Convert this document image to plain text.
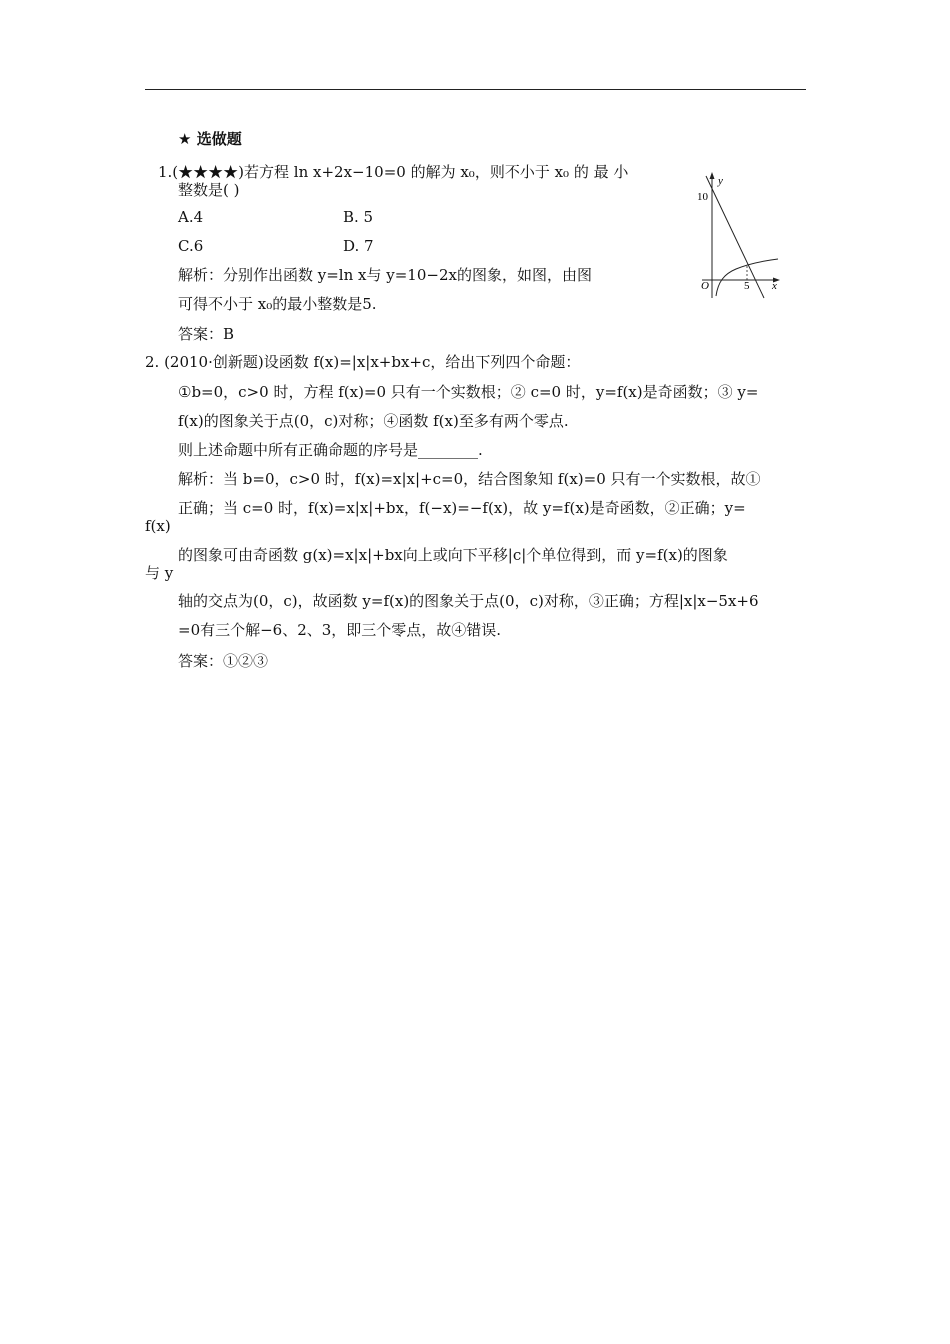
★ 选做题
1.(★★★★)若方程 ln x+2x−10=0 的解为 x₀，则不小于 x₀ 的 最 小
整数是( )
A.4	B. 5
C.6	D. 7
解析：分别作出函数 y=ln x与 y=10−2x的图象，如图，由图
可得不小于 x₀的最小整数是5.
答案：B
y
x
O
10
5
2. (2010·创新题)设函数 f(x)=|x|x+bx+c，给出下列四个命题：
①b=0，c>0 时，方程 f(x)=0 只有一个实数根；② c=0 时，y=f(x)是奇函数；③ y=
f(x)的图象关于点(0，c)对称；④函数 f(x)至多有两个零点.
则上述命题中所有正确命题的序号是________.
解析：当 b=0，c>0 时，f(x)=x|x|+c=0，结合图象知 f(x)=0 只有一个实数根，故①
正确；当 c=0 时，f(x)=x|x|+bx，f(−x)=−f(x)，故 y=f(x)是奇函数，②正确；y=
f(x)
的图象可由奇函数 g(x)=x|x|+bx向上或向下平移|c|个单位得到，而 y=f(x)的图象
与 y
轴的交点为(0，c)，故函数 y=f(x)的图象关于点(0，c)对称，③正确；方程|x|x−5x+6
=0有三个解−6、2、3，即三个零点，故④错误.
答案：①②③
